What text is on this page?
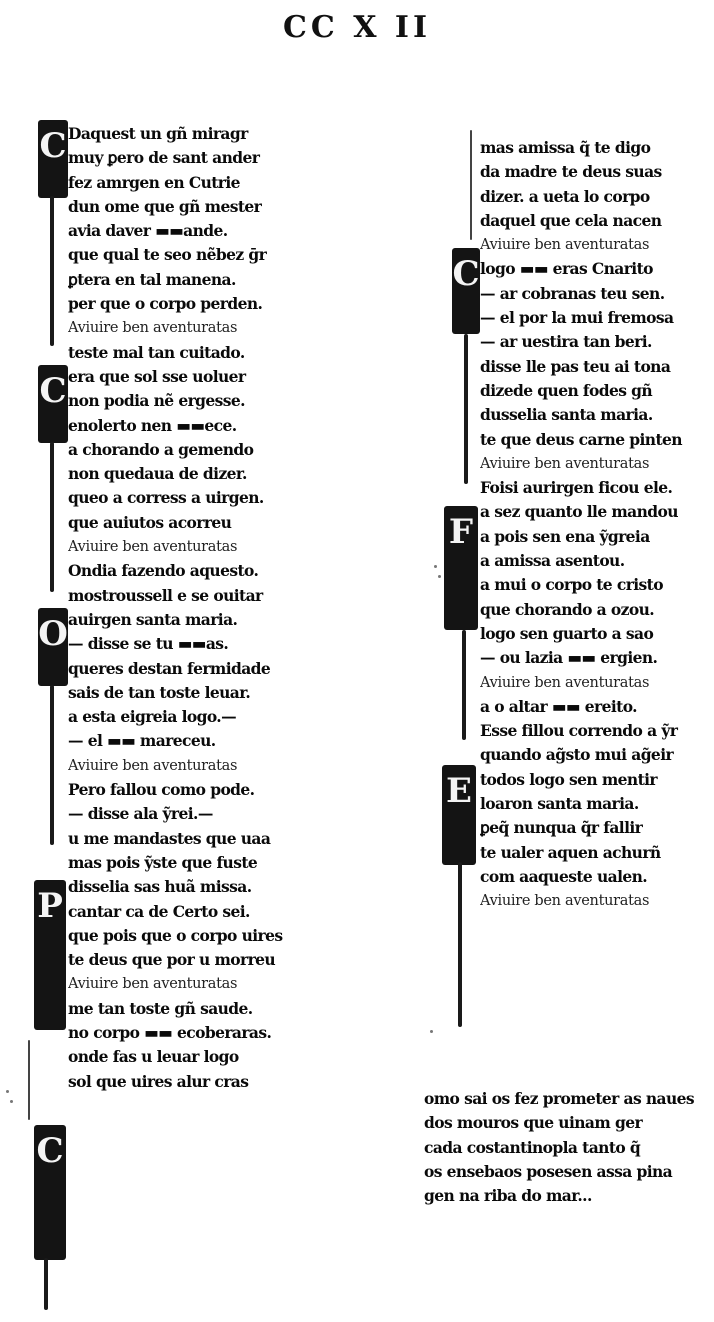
CC X II
C
C
O
P
C
C
F
E
Daquest un gñ miragr
muy ꝑero de sant ander
fez amrgen en Cutrie
dun ome que gñ mester
avia daver ▬▬ande.
que qual te seo nẽbez ḡr
ꝑtera en tal manena.
per que o corpo perden.
Aviuire ben aventuratas
teste mal tan cuitado.
era que sol sse uoluer
non podia nẽ ergesse.
enolerto nen ▬▬ece.
a chorando a gemendo
non quedaua de dizer.
queo a corress a uirgen.
que auiutos acorreu
Aviuire ben aventuratas
Ondia fazendo aquesto.
mostroussell e se ouitar
auirgen santa maria.
— disse se tu ▬▬as.
queres destan fermidade
sais de tan toste leuar.
a esta eigreia logo.—
— el ▬▬ mareceu.
Aviuire ben aventuratas
Pero fallou como pode.
— disse ala ỹrei.—
u me mandastes que uaa
mas pois ỹste que fuste
disselia sas huã missa.
cantar ca de Certo sei.
que pois que o corpo uires
te deus que por u morreu
Aviuire ben aventuratas
me tan toste gñ saude.
no corpo ▬▬ ecoberaras.
onde fas u leuar logo
sol que uires alur cras
mas amissa q̃ te digo
da madre te deus suas
dizer. a ueta lo corpo
daquel que cela nacen
Aviuire ben aventuratas
logo ▬▬ eras Cnarito
— ar cobranas teu sen.
— el por la mui fremosa
— ar uestira tan beri.
disse lle pas teu ai tona
dizede quen fodes gñ
dusselia santa maria.
te que deus carne pinten
Aviuire ben aventuratas
Foisi aurirgen ficou ele.
a sez quanto lle mandou
a pois sen ena ỹgreia
a amissa asentou.
a mui o corpo te cristo
que chorando a ozou.
logo sen guarto a sao
— ou lazia ▬▬ ergien.
Aviuire ben aventuratas
a o altar ▬▬ ereito.
Esse fillou correndo a ỹr
quando ag̃sto mui ag̃eir
todos logo sen mentir
loaron santa maria.
ꝑeq̃ nunqua q̃r fallir
te ualer aquen achurñ
com aaqueste ualen.
Aviuire ben aventuratas
omo sai os fez prometer as naues
dos mouros que uinam ger
cada costantinopla tanto q̃
os ensebaos posesen assa pina
gen na riba do mar...
